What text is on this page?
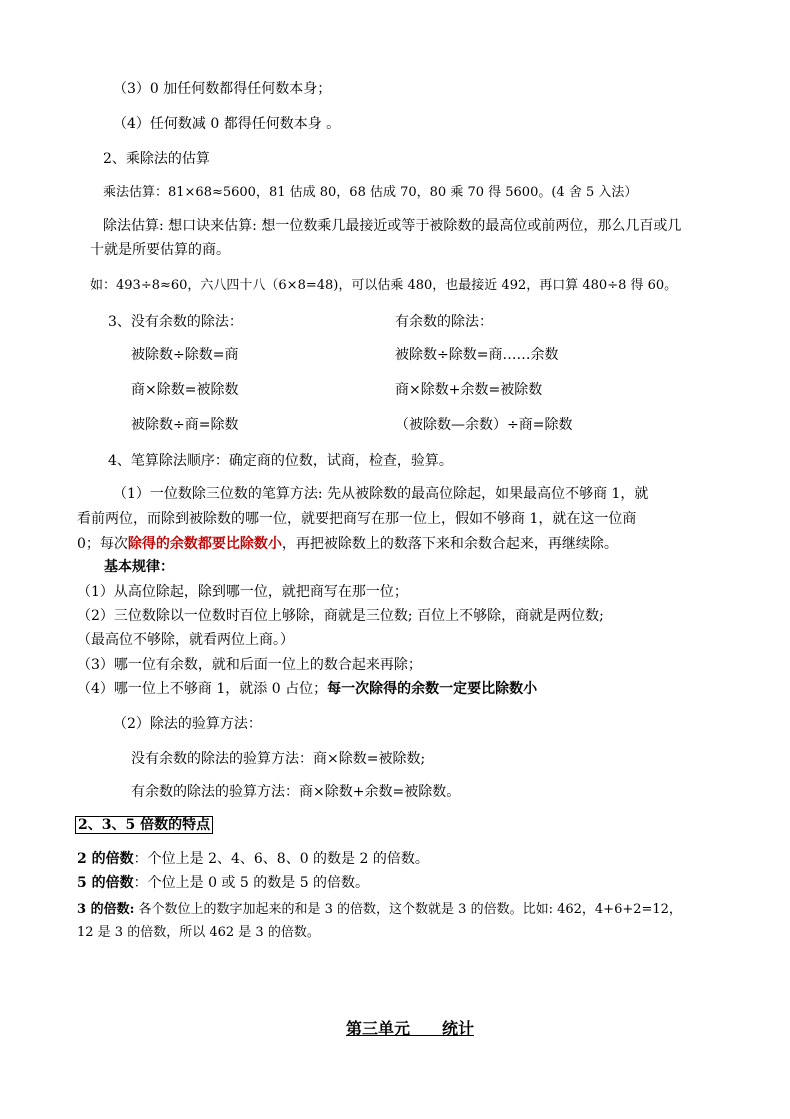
（3）0 加任何数都得任何数本身；
（4）任何数减 0 都得任何数本身 。
2、乘除法的估算
乘法估算：81×68≈5600，81 估成 80，68 估成 70，80 乘 70 得 5600。(4 舍 5 入法）
除法估算: 想口诀来估算: 想一位数乘几最接近或等于被除数的最高位或前两位，那么几百或几
十就是所要估算的商。
如：493÷8≈60，六八四十八（6×8=48)，可以估乘 480，也最接近 492，再口算 480÷8 得 60。
3、没有余数的除法：	有余数的除法：
被除数÷除数=商	被除数÷除数=商……余数
商×除数=被除数	商×除数+余数=被除数
被除数÷商=除数	（被除数—余数）÷商=除数
4、笔算除法顺序：确定商的位数，试商，检查，验算。
（1）一位数除三位数的笔算方法: 先从被除数的最高位除起，如果最高位不够商 1，就
看前两位，而除到被除数的哪一位，就要把商写在那一位上，假如不够商 1，就在这一位商
0；每次除得的余数都要比除数小，再把被除数上的数落下来和余数合起来，再继续除。
基本规律：
（1）从高位除起，除到哪一位，就把商写在那一位；
（2）三位数除以一位数时百位上够除，商就是三位数; 百位上不够除，商就是两位数;
（最高位不够除，就看两位上商。）
（3）哪一位有余数，就和后面一位上的数合起来再除；
（4）哪一位上不够商 1，就添 0 占位；每一次除得的余数一定要比除数小
（2）除法的验算方法：
没有余数的除法的验算方法：商×除数=被除数;
有余数的除法的验算方法：商×除数+余数=被除数。
2、3、5 倍数的特点
2 的倍数：个位上是 2、4、6、8、0 的数是 2 的倍数。
5 的倍数：个位上是 0 或 5 的数是 5 的倍数。
3 的倍数: 各个数位上的数字加起来的和是 3 的倍数，这个数就是 3 的倍数。比如: 462，4+6+2=12，
12 是 3 的倍数，所以 462 是 3 的倍数。
第三单元　　统计
